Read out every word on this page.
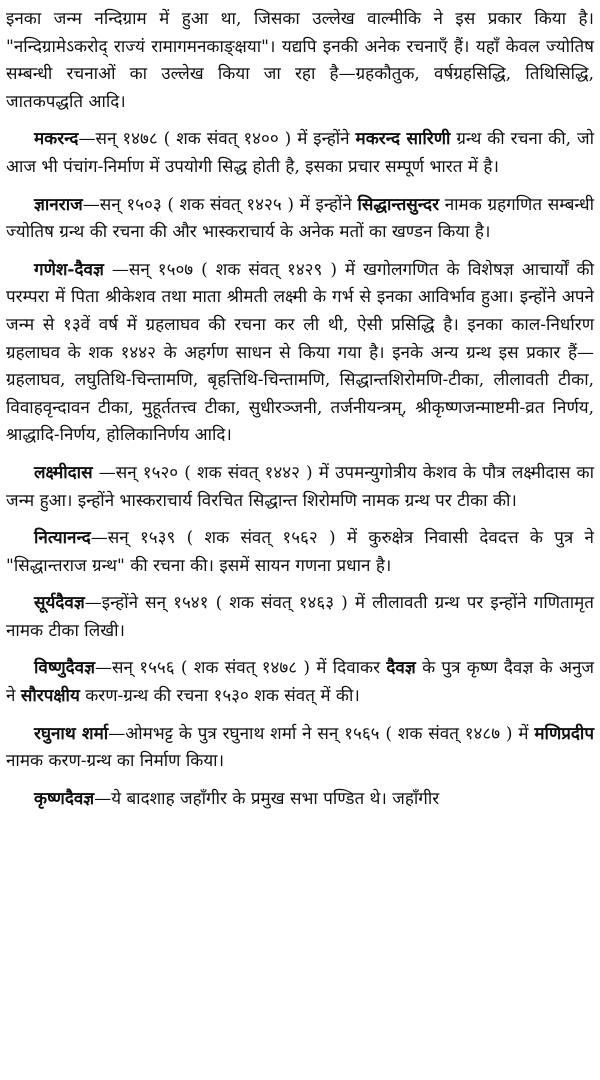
इनका जन्म नन्दिग्राम में हुआ था, जिसका उल्लेख वाल्मीकि ने इस प्रकार किया है। "नन्दिग्रामेऽकरोद् राज्यं रामागमनकाङ्क्षया"। यद्यपि इनकी अनेक रचनाएँ हैं। यहाँ केवल ज्योतिष सम्बन्धी रचनाओं का उल्लेख किया जा रहा है—ग्रहकौतुक, वर्षग्रहसिद्धि, तिथिसिद्धि, जातकपद्धति आदि।

मकरन्द—सन् १४७८ ( शक संवत् १४०० ) में इन्होंने मकरन्द सारिणी ग्रन्थ की रचना की, जो आज भी पंचांग-निर्माण में उपयोगी सिद्ध होती है, इसका प्रचार सम्पूर्ण भारत में है।

ज्ञानराज—सन् १५०३ ( शक संवत् १४२५ ) में इन्होंने सिद्धान्तसुन्दर नामक ग्रहगणित सम्बन्धी ज्योतिष ग्रन्थ की रचना की और भास्कराचार्य के अनेक मतों का खण्डन किया है।

गणेश-दैवज्ञ —सन् १५०७ ( शक संवत् १४२९ ) में खगोलगणित के विशेषज्ञ आचार्यों की परम्परा में पिता श्रीकेशव तथा माता श्रीमती लक्ष्मी के गर्भ से इनका आविर्भाव हुआ। इन्होंने अपने जन्म से १३वें वर्ष में ग्रहलाघव की रचना कर ली थी, ऐसी प्रसिद्धि है। इनका काल-निर्धारण ग्रहलाघव के शक १४४२ के अहर्गण साधन से किया गया है। इनके अन्य ग्रन्थ इस प्रकार हैं—ग्रहलाघव, लघुतिथि-चिन्तामणि, बृहत्तिथि-चिन्तामणि, सिद्धान्तशिरोमणि-टीका, लीलावती टीका, विवाहवृन्दावन टीका, मुहूर्ततत्त्व टीका, सुधीरञ्जनी, तर्जनीयन्त्रम्, श्रीकृष्णजन्माष्टमी-व्रत निर्णय, श्राद्धादि-निर्णय, होलिकानिर्णय आदि।

लक्ष्मीदास —सन् १५२० ( शक संवत् १४४२ ) में उपमन्युगोत्रीय केशव के पौत्र लक्ष्मीदास का जन्म हुआ। इन्होंने भास्कराचार्य विरचित सिद्धान्त शिरोमणि नामक ग्रन्थ पर टीका की।

नित्यानन्द—सन् १५३९ ( शक संवत् १५६२ ) में कुरुक्षेत्र निवासी देवदत्त के पुत्र ने "सिद्धान्तराज ग्रन्थ" की रचना की। इसमें सायन गणना प्रधान है।

सूर्यदैवज्ञ—इन्होंने सन् १५४१ ( शक संवत् १४६३ ) में लीलावती ग्रन्थ पर इन्होंने गणितामृत नामक टीका लिखी।

विष्णुदैवज्ञ—सन् १५५६ ( शक संवत् १४७८ ) में दिवाकर दैवज्ञ के पुत्र कृष्ण दैवज्ञ के अनुज ने सौरपक्षीय करण-ग्रन्थ की रचना १५३० शक संवत् में की।

रघुनाथ शर्मा—ओमभट्ट के पुत्र रघुनाथ शर्मा ने सन् १५६५ ( शक संवत् १४८७ ) में मणिप्रदीप नामक करण-ग्रन्थ का निर्माण किया।

कृष्णदैवज्ञ—ये बादशाह जहाँगीर के प्रमुख सभा पण्डित थे। जहाँगीर
